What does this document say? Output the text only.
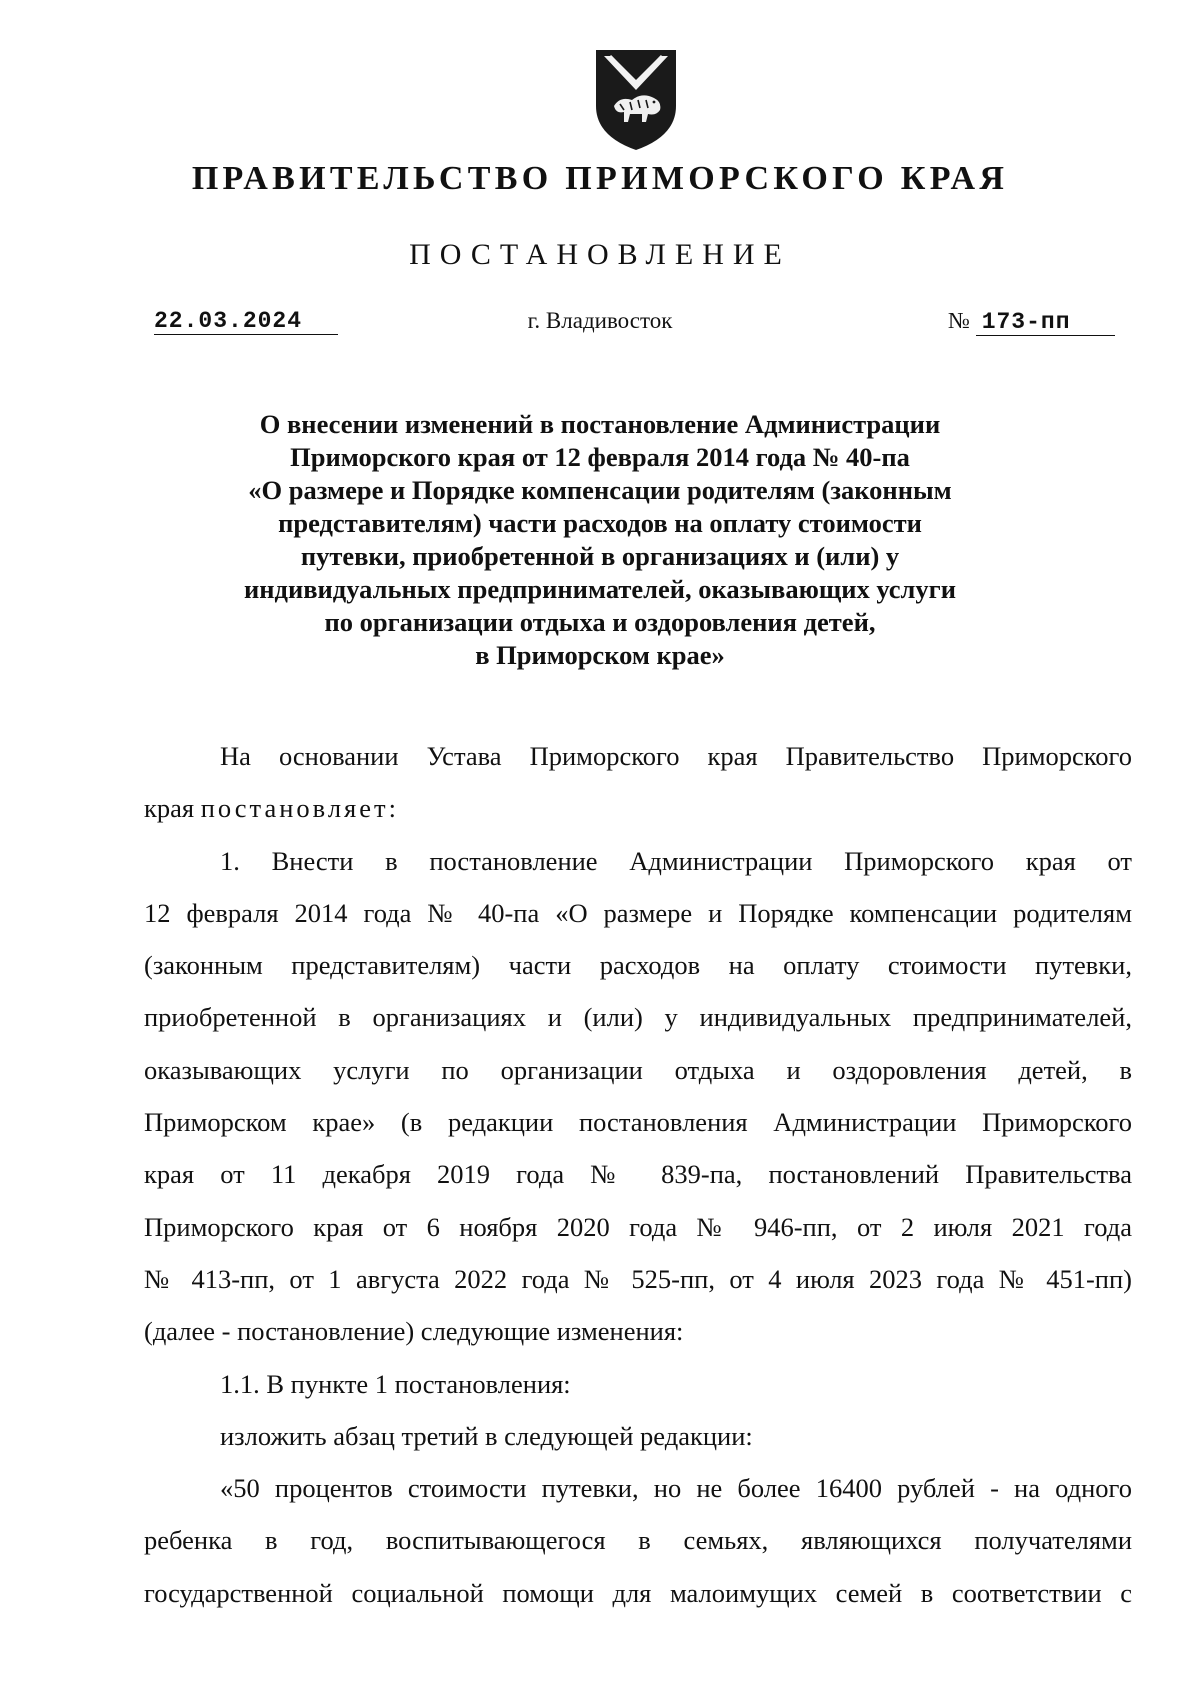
ПРАВИТЕЛЬСТВО ПРИМОРСКОГО КРАЯ
ПОСТАНОВЛЕНИЕ
22.03.2024	г. Владивосток	№ 173-пп
О внесении изменений в постановление Администрации
Приморского края от 12 февраля 2014 года № 40-па
«О размере и Порядке компенсации родителям (законным
представителям) части расходов на оплату стоимости
путевки, приобретенной в организациях и (или) у
индивидуальных предпринимателей, оказывающих услуги
по организации отдыха и оздоровления детей,
в Приморском крае»
На основании Устава Приморского края Правительство Приморского
края постановляет:
1. Внести в постановление Администрации Приморского края от
12 февраля 2014 года № 40-па «О размере и Порядке компенсации родителям
(законным представителям) части расходов на оплату стоимости путевки,
приобретенной в организациях и (или) у индивидуальных предпринимателей,
оказывающих услуги по организации отдыха и оздоровления детей, в
Приморском крае» (в редакции постановления Администрации Приморского
края от 11 декабря 2019 года № 839-па, постановлений Правительства
Приморского края от 6 ноября 2020 года № 946-пп, от 2 июля 2021 года
№ 413-пп, от 1 августа 2022 года № 525-пп, от 4 июля 2023 года № 451-пп)
(далее - постановление) следующие изменения:
1.1. В пункте 1 постановления:
изложить абзац третий в следующей редакции:
«50 процентов стоимости путевки, но не более 16400 рублей - на одного
ребенка в год, воспитывающегося в семьях, являющихся получателями
государственной социальной помощи для малоимущих семей в соответствии с
